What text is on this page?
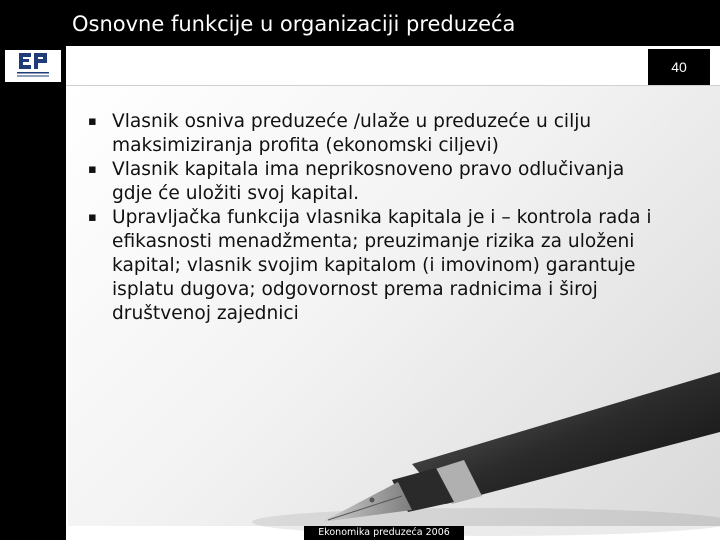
Osnovne funkcije u organizaciji preduzeća
40
▪ Vlasnik osniva preduzeće /ulaže u preduzeće u cilju maksimiziranja profita (ekonomski ciljevi)
▪ Vlasnik kapitala ima neprikosnoveno pravo odlučivanja gdje će uložiti svoj kapital.
▪ Upravljačka funkcija vlasnika kapitala je i – kontrola rada i efikasnosti menadžmenta; preuzimanje rizika za uloženi kapital; vlasnik svojim kapitalom (i imovinom) garantuje isplatu dugova; odgovornost prema radnicima i široj društvenoj zajednici
Ekonomika preduzeća 2006
